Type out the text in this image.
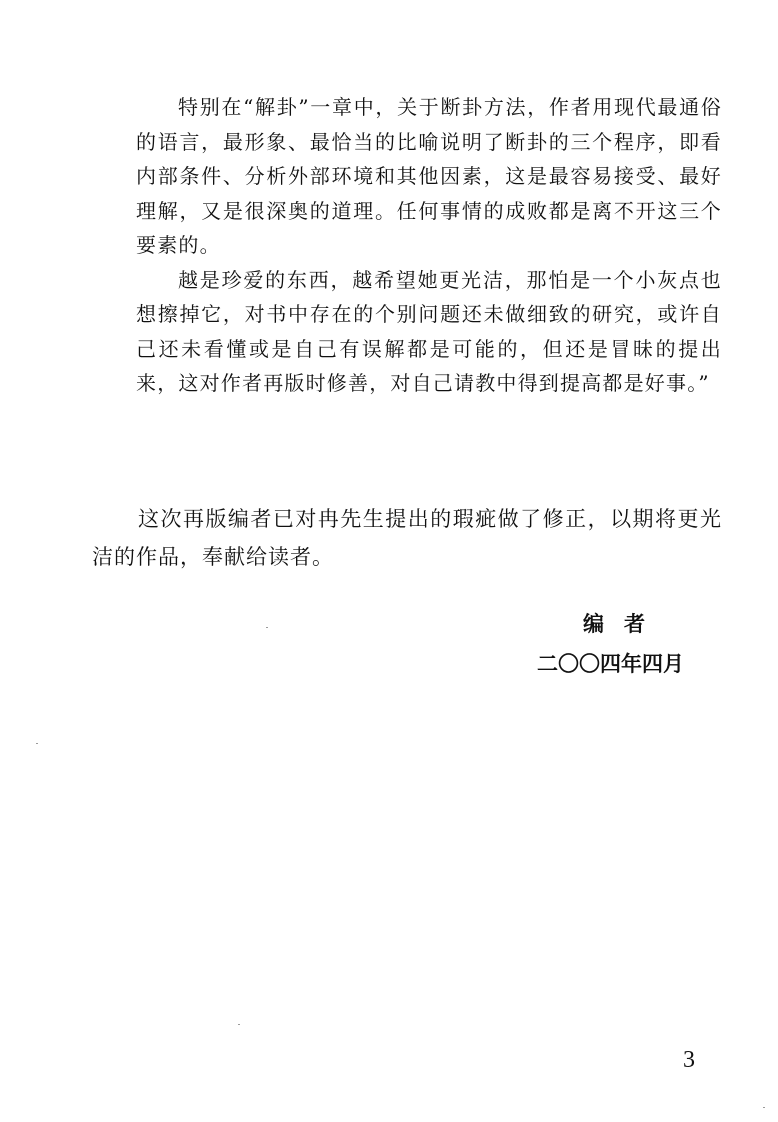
特别在“解卦”一章中，关于断卦方法，作者用现代最通俗的语言，最形象、最恰当的比喻说明了断卦的三个程序，即看内部条件、分析外部环境和其他因素，这是最容易接受、最好理解，又是很深奥的道理。任何事情的成败都是离不开这三个要素的。

越是珍爱的东西，越希望她更光洁，那怕是一个小灰点也想擦掉它，对书中存在的个别问题还未做细致的研究，或许自己还未看懂或是自己有误解都是可能的，但还是冒昧的提出来，这对作者再版时修善，对自己请教中得到提高都是好事。”

这次再版编者已对冉先生提出的瑕疵做了修正，以期将更光洁的作品，奉献给读者。

编者
二〇〇四年四月
3
